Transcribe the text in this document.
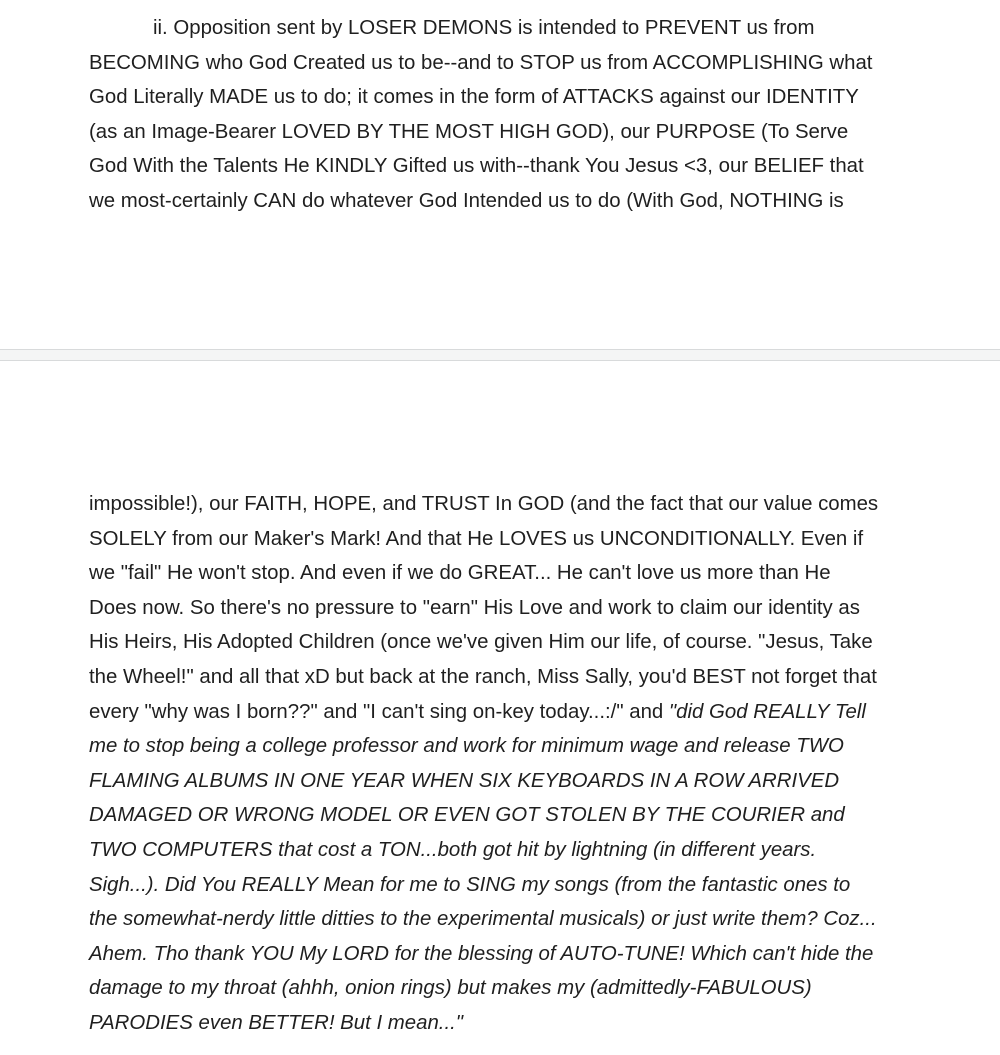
ii. Opposition sent by LOSER DEMONS is intended to PREVENT us from
BECOMING who God Created us to be--and to STOP us from ACCOMPLISHING what
God Literally MADE us to do; it comes in the form of ATTACKS against our IDENTITY
(as an Image-Bearer LOVED BY THE MOST HIGH GOD), our PURPOSE (To Serve
God With the Talents He KINDLY Gifted us with--thank You Jesus <3, our BELIEF that
we most-certainly CAN do whatever God Intended us to do (With God, NOTHING is
impossible!), our FAITH, HOPE, and TRUST In GOD (and the fact that our value comes
SOLELY from our Maker's Mark! And that He LOVES us UNCONDITIONALLY. Even if
we "fail" He won't stop. And even if we do GREAT... He can't love us more than He
Does now. So there's no pressure to "earn" His Love and work to claim our identity as
His Heirs, His Adopted Children (once we've given Him our life, of course. "Jesus, Take
the Wheel!" and all that xD but back at the ranch, Miss Sally, you'd BEST not forget that
every "why was I born??" and "I can't sing on-key today...:/" and "did God REALLY Tell
me to stop being a college professor and work for minimum wage and release TWO
FLAMING ALBUMS IN ONE YEAR WHEN SIX KEYBOARDS IN A ROW ARRIVED
DAMAGED OR WRONG MODEL OR EVEN GOT STOLEN BY THE COURIER and
TWO COMPUTERS that cost a TON...both got hit by lightning (in different years.
Sigh...). Did You REALLY Mean for me to SING my songs (from the fantastic ones to
the somewhat-nerdy little ditties to the experimental musicals) or just write them? Coz...
Ahem. Tho thank YOU My LORD for the blessing of AUTO-TUNE! Which can't hide the
damage to my throat (ahhh, onion rings) but makes my (admittedly-FABULOUS)
PARODIES even BETTER! But I mean..."
